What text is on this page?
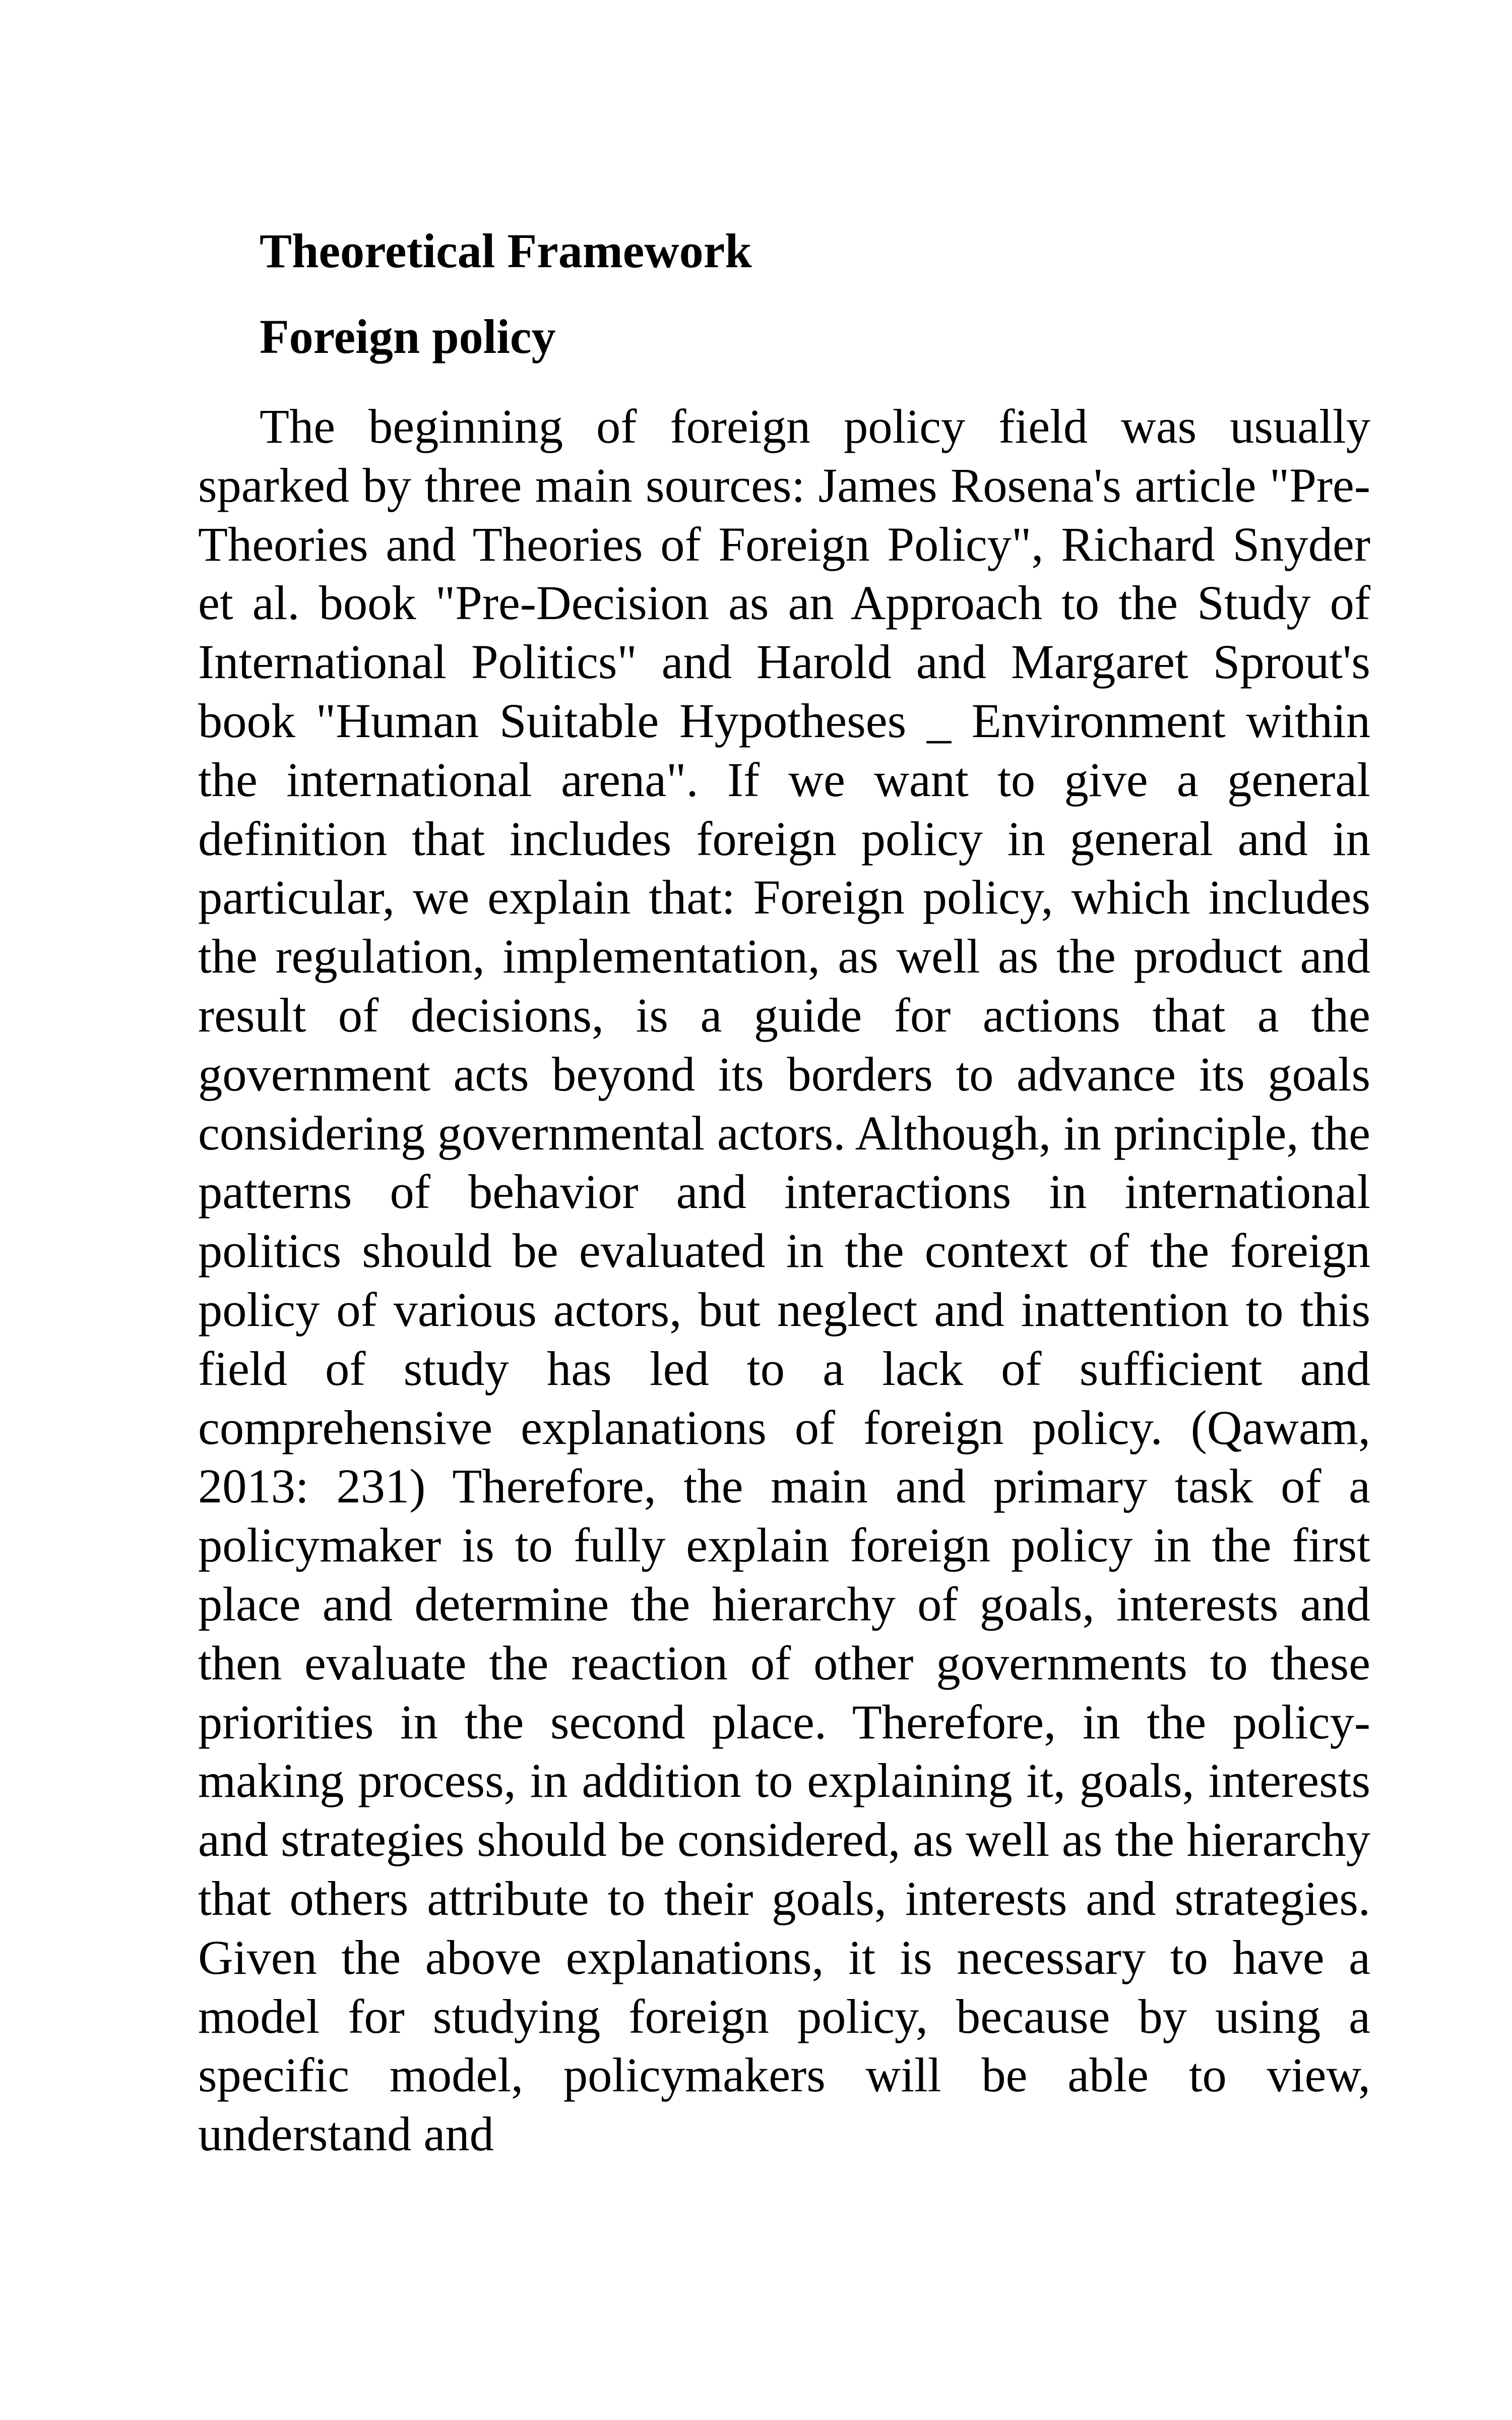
Theoretical Framework
Foreign policy

The beginning of foreign policy field was usually sparked by three main sources: James Rosena's article "Pre-Theories and Theories of Foreign Policy", Richard Snyder et al. book "Pre-Decision as an Approach to the Study of International Politics" and Harold and Margaret Sprout's book "Human Suitable Hypotheses _ Environment within the international arena". If we want to give a general definition that includes foreign policy in general and in particular, we explain that: Foreign policy, which includes the regulation, implementation, as well as the product and result of decisions, is a guide for actions that a the government acts beyond its borders to advance its goals considering governmental actors. Although, in principle, the patterns of behavior and interactions in international politics should be evaluated in the context of the foreign policy of various actors, but neglect and inattention to this field of study has led to a lack of sufficient and comprehensive explanations of foreign policy. (Qawam, 2013: 231) Therefore, the main and primary task of a policymaker is to fully explain foreign policy in the first place and determine the hierarchy of goals, interests and then evaluate the reaction of other governments to these priorities in the second place. Therefore, in the policy-making process, in addition to explaining it, goals, interests and strategies should be considered, as well as the hierarchy that others attribute to their goals, interests and strategies. Given the above explanations, it is necessary to have a model for studying foreign policy, because by using a specific model, policymakers will be able to view, understand and
